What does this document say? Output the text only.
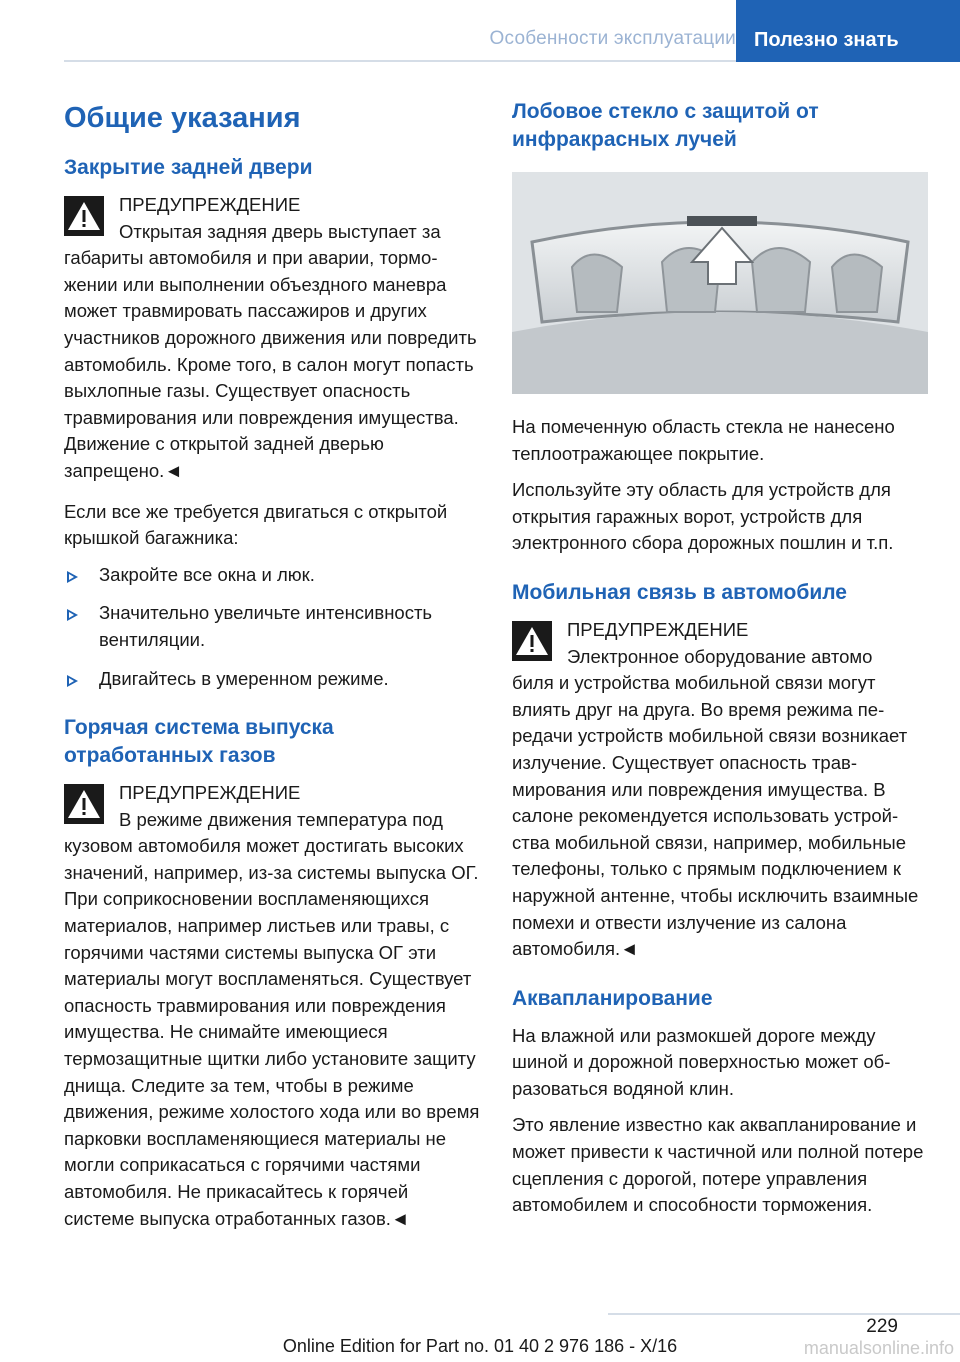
Особенности эксплуатации Полезно знать
Общие указания
Закрытие задней двери
ПРЕДУПРЕЖДЕНИЕ
Открытая задняя дверь выступает за
габариты автомобиля и при аварии, торможении или выполнении объездного маневра может травмировать пассажиров и других участников дорожного движения или повредить автомобиль. Кроме того, в салон могут попасть выхлопные газы. Существует опасность травмирования или повреждения имущества. Движение с открытой задней дверью запрещено.◄

Если все же требуется двигаться с открытой крышкой багажника:

Закройте все окна и люк.
Значительно увеличьте интенсивность вентиляции.
Двигайтесь в умеренном режиме.
Горячая система выпуска отработанных газов
ПРЕДУПРЕЖДЕНИЕ
В режиме движения температура под
кузовом автомобиля может достигать высоких значений, например, из-за системы выпуска ОГ. При соприкосновении воспламеняющихся материалов, например листьев или травы, с горячими частями системы выпуска ОГ эти материалы могут воспламеняться. Существует опасность травмирования или повреждения имущества. Не снимайте имеющиеся термозащитные щитки либо установите защиту днища. Следите за тем, чтобы в режиме движения, режиме холостого хода или во время парковки воспламеняющиеся материалы не могли соприкасаться с горячими частями автомобиля. Не прикасайтесь к горячей системе выпуска отработанных газов.◄
Лобовое стекло с защитой от инфракрасных лучей

На помеченную область стекла не нанесено теплоотражающее покрытие.

Используйте эту область для устройств для открытия гаражных ворот, устройств для электронного сбора дорожных пошлин и т.п.

Мобильная связь в автомобиле
ПРЕДУПРЕЖДЕНИЕ
Электронное оборудование автомо
биля и устройства мобильной связи могут влиять друг на друга. Во время режима передачи устройств мобильной связи возникает излучение. Существует опасность травмирования или повреждения имущества. В салоне рекомендуется использовать устройства мобильной связи, например, мобильные телефоны, только с прямым подключением к наружной антенне, чтобы исключить взаимные помехи и отвести излучение из салона автомобиля.◄
Аквапланирование

На влажной или размокшей дороге между шиной и дорожной поверхностью может образоваться водяной клин.

Это явление известно как аквапланирование и может привести к частичной или полной потере сцепления с дорогой, потере управления автомобилем и способности торможения.

229
Online Edition for Part no. 01 40 2 976 186 - X/16	manualsonline.info
